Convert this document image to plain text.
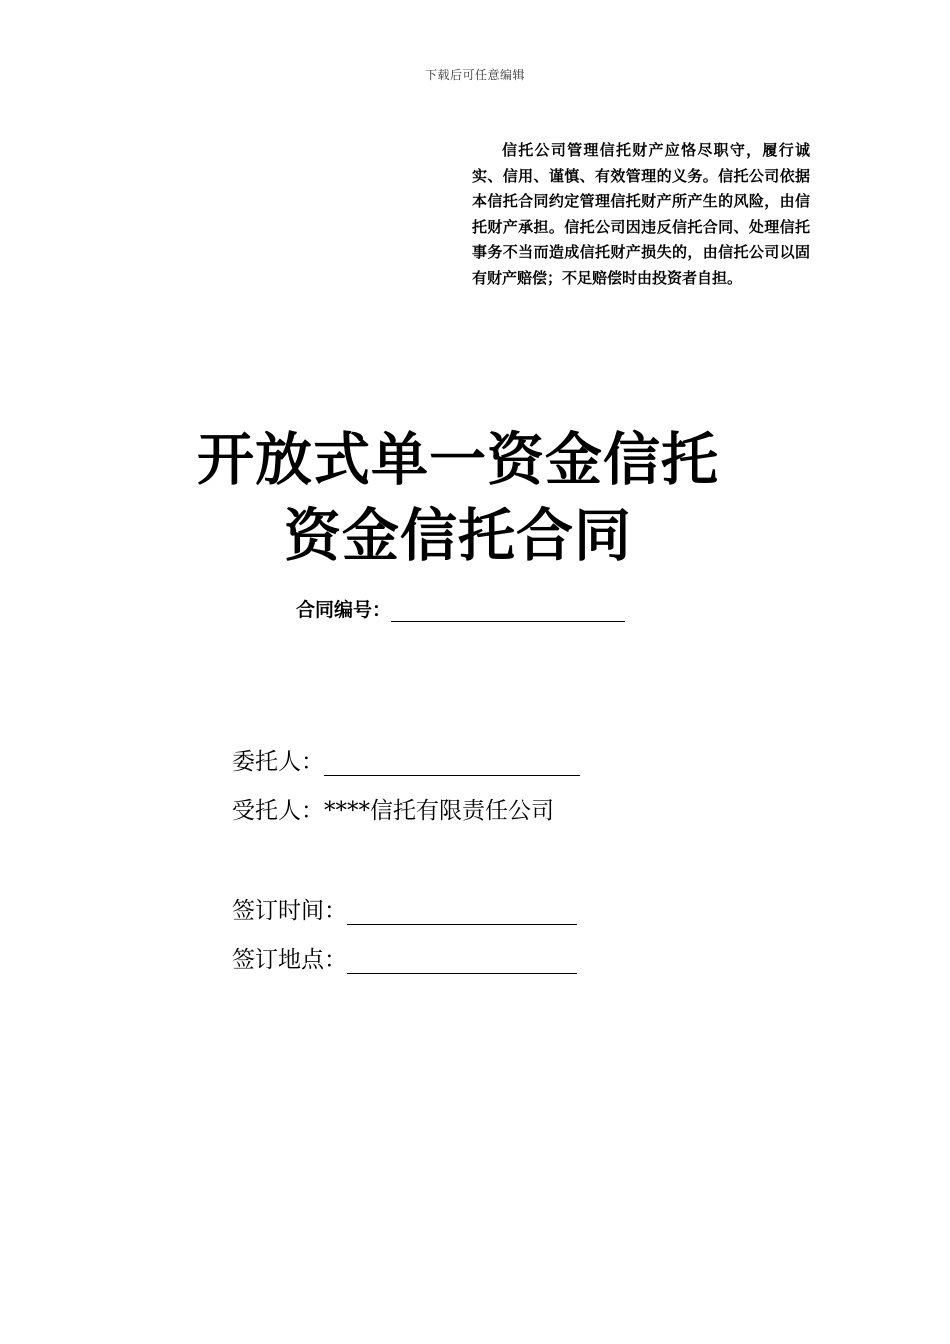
下载后可任意编辑
信托公司管理信托财产应恪尽职守，履行诚实、信用、谨慎、有效管理的义务。信托公司依据本信托合同约定管理信托财产所产生的风险，由信托财产承担。信托公司因违反信托合同、处理信托事务不当而造成信托财产损失的，由信托公司以固有财产赔偿；不足赔偿时由投资者自担。
开放式单一资金信托
资金信托合同
合同编号：
委托人：
受托人： ****信托有限责任公司
签订时间：
签订地点：
